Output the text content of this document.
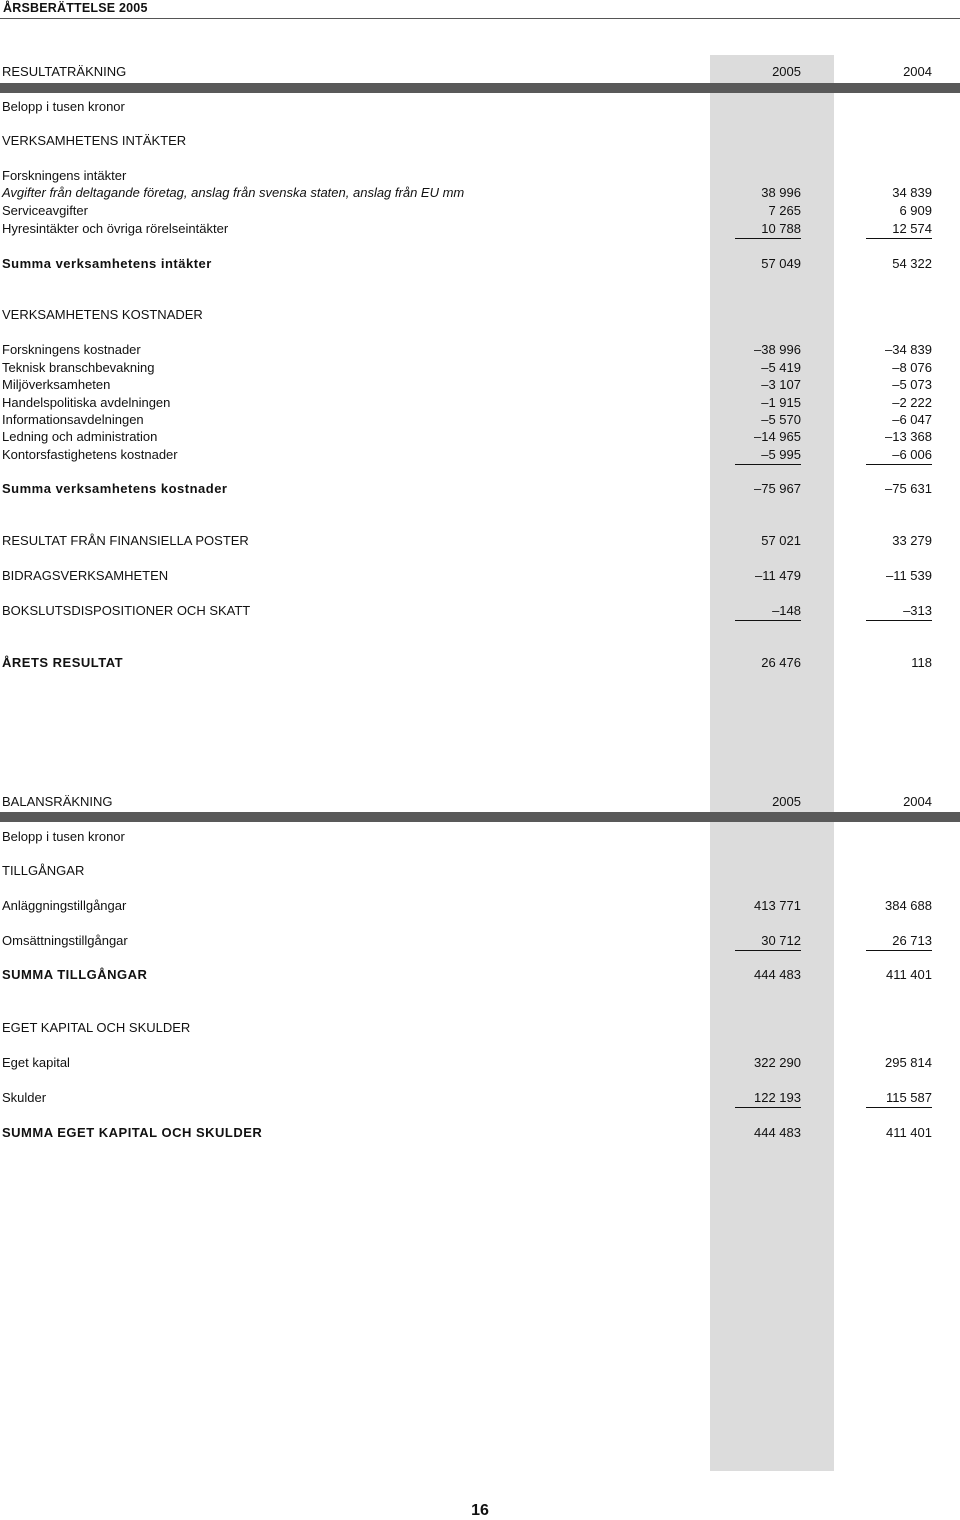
ÅRSBERÄTTELSE 2005
RESULTATRÄKNING	2005	2004
Belopp i tusen kronor
VERKSAMHETENS INTÄKTER
Forskningens intäkter
Avgifter från deltagande företag, anslag från svenska staten, anslag från EU mm	38 996	34 839
Serviceavgifter	7 265	6 909
Hyresintäkter och övriga rörelseintäkter	10 788	12 574
Summa verksamhetens intäkter	57 049	54 322
VERKSAMHETENS KOSTNADER
Forskningens kostnader	–38 996	–34 839
Teknisk branschbevakning	–5 419	–8 076
Miljöverksamheten	–3 107	–5 073
Handelspolitiska avdelningen	–1 915	–2 222
Informationsavdelningen	–5 570	–6 047
Ledning och administration	–14 965	–13 368
Kontorsfastighetens kostnader	–5 995	–6 006
Summa verksamhetens kostnader	–75 967	–75 631
RESULTAT FRÅN FINANSIELLA POSTER	57 021	33 279
BIDRAGSVERKSAMHETEN	–11 479	–11 539
BOKSLUTSDISPOSITIONER OCH SKATT	–148	–313
ÅRETS RESULTAT	26 476	118
BALANSRÄKNING	2005	2004
Belopp i tusen kronor
TILLGÅNGAR
Anläggningstillgångar	413 771	384 688
Omsättningstillgångar	30 712	26 713
SUMMA TILLGÅNGAR	444 483	411 401
EGET KAPITAL OCH SKULDER
Eget kapital	322 290	295 814
Skulder	122 193	115 587
SUMMA EGET KAPITAL OCH SKULDER	444 483	411 401
16
